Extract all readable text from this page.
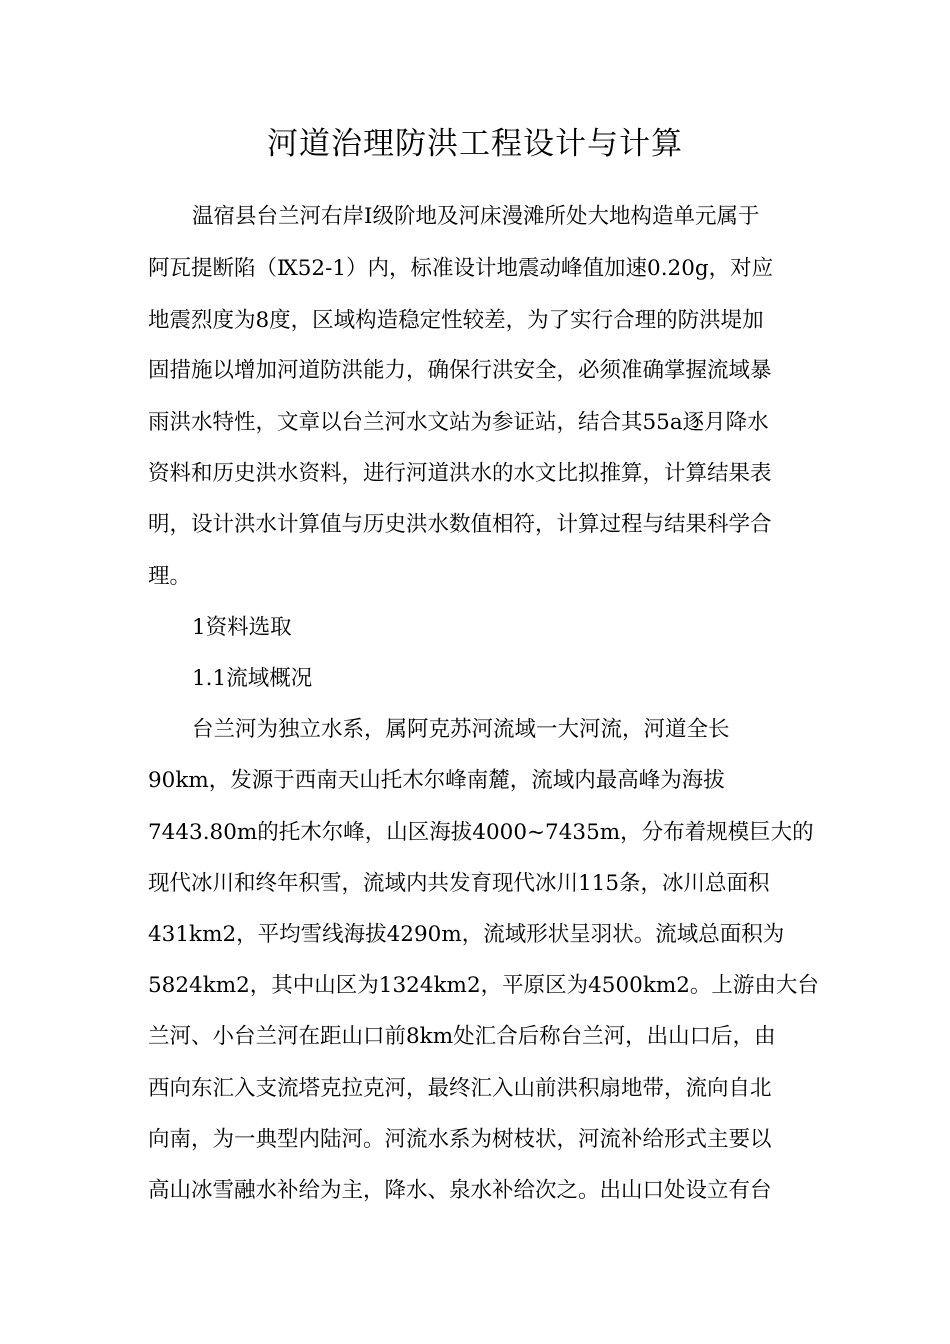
河道治理防洪工程设计与计算

温宿县台兰河右岸Ⅰ级阶地及河床漫滩所处大地构造单元属于

阿瓦提断陷（Ⅸ52-1）内，标准设计地震动峰值加速0.20g，对应

地震烈度为8度，区域构造稳定性较差，为了实行合理的防洪堤加

固措施以增加河道防洪能力，确保行洪安全，必须准确掌握流域暴

雨洪水特性，文章以台兰河水文站为参证站，结合其55a逐月降水

资料和历史洪水资料，进行河道洪水的水文比拟推算，计算结果表

明，设计洪水计算值与历史洪水数值相符，计算过程与结果科学合

理。

1资料选取

1.1流域概况

台兰河为独立水系，属阿克苏河流域一大河流，河道全长

90km，发源于西南天山托木尔峰南麓，流域内最高峰为海拔

7443.80m的托木尔峰，山区海拔4000~7435m，分布着规模巨大的

现代冰川和终年积雪，流域内共发育现代冰川115条，冰川总面积

431km2，平均雪线海拔4290m，流域形状呈羽状。流域总面积为

5824km2，其中山区为1324km2，平原区为4500km2。上游由大台

兰河、小台兰河在距山口前8km处汇合后称台兰河，出山口后，由

西向东汇入支流塔克拉克河，最终汇入山前洪积扇地带，流向自北

向南，为一典型内陆河。河流水系为树枝状，河流补给形式主要以

高山冰雪融水补给为主，降水、泉水补给次之。出山口处设立有台
